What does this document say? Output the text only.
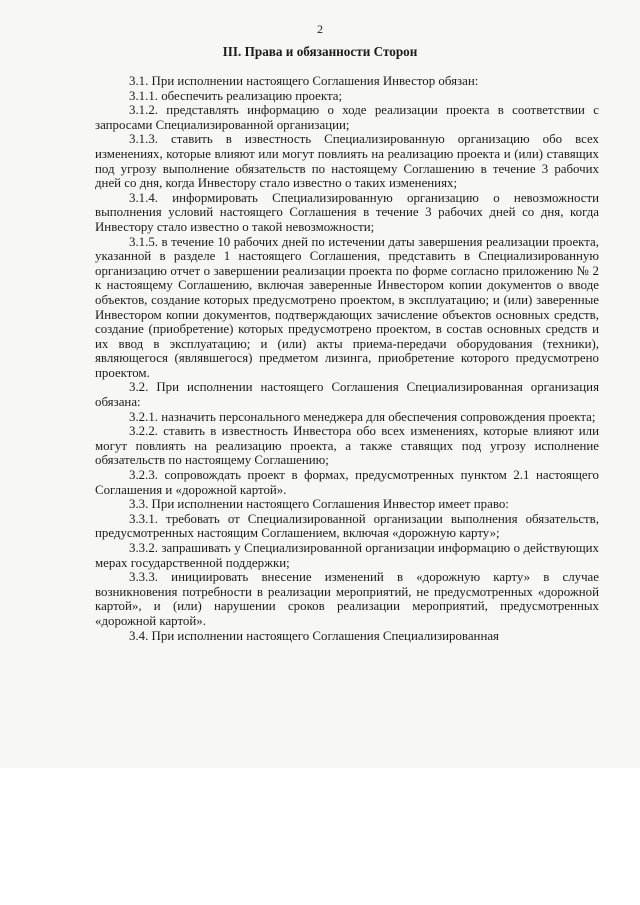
2
III. Права и обязанности Сторон

3.1. При исполнении настоящего Соглашения Инвестор обязан:

3.1.1. обеспечить реализацию проекта;

3.1.2. представлять информацию о ходе реализации проекта в соответствии с запросами Специализированной организации;

3.1.3. ставить в известность Специализированную организацию обо всех изменениях, которые влияют или могут повлиять на реализацию проекта и (или) ставящих под угрозу выполнение обязательств по настоящему Соглашению в течение 3 рабочих дней со дня, когда Инвестору стало известно о таких изменениях;

3.1.4. информировать Специализированную организацию о невозможности выполнения условий настоящего Соглашения в течение 3 рабочих дней со дня, когда Инвестору стало известно о такой невозможности;

3.1.5. в течение 10 рабочих дней по истечении даты завершения реализации проекта, указанной в разделе 1 настоящего Соглашения, представить в Специализированную организацию отчет о завершении реализации проекта по форме согласно приложению № 2 к настоящему Соглашению, включая заверенные Инвестором копии документов о вводе объектов, создание которых предусмотрено проектом, в эксплуатацию; и (или) заверенные Инвестором копии документов, подтверждающих зачисление объектов основных средств, создание (приобретение) которых предусмотрено проектом, в состав основных средств и их ввод в эксплуатацию; и (или) акты приема-передачи оборудования (техники), являющегося (являвшегося) предметом лизинга, приобретение которого предусмотрено проектом.

3.2. При исполнении настоящего Соглашения Специализированная организация обязана:

3.2.1. назначить персонального менеджера для обеспечения сопровождения проекта;

3.2.2. ставить в известность Инвестора обо всех изменениях, которые влияют или могут повлиять на реализацию проекта, а также ставящих под угрозу исполнение обязательств по настоящему Соглашению;

3.2.3. сопровождать проект в формах, предусмотренных пунктом 2.1 настоящего Соглашения и «дорожной картой».

3.3. При исполнении настоящего Соглашения Инвестор имеет право:

3.3.1. требовать от Специализированной организации выполнения обязательств, предусмотренных настоящим Соглашением, включая «дорожную карту»;

3.3.2. запрашивать у Специализированной организации информацию о действующих мерах государственной поддержки;

3.3.3. инициировать внесение изменений в «дорожную карту» в случае возникновения потребности в реализации мероприятий, не предусмотренных «дорожной картой», и (или) нарушении сроков реализации мероприятий, предусмотренных «дорожной картой».

3.4. При исполнении настоящего Соглашения Специализированная
